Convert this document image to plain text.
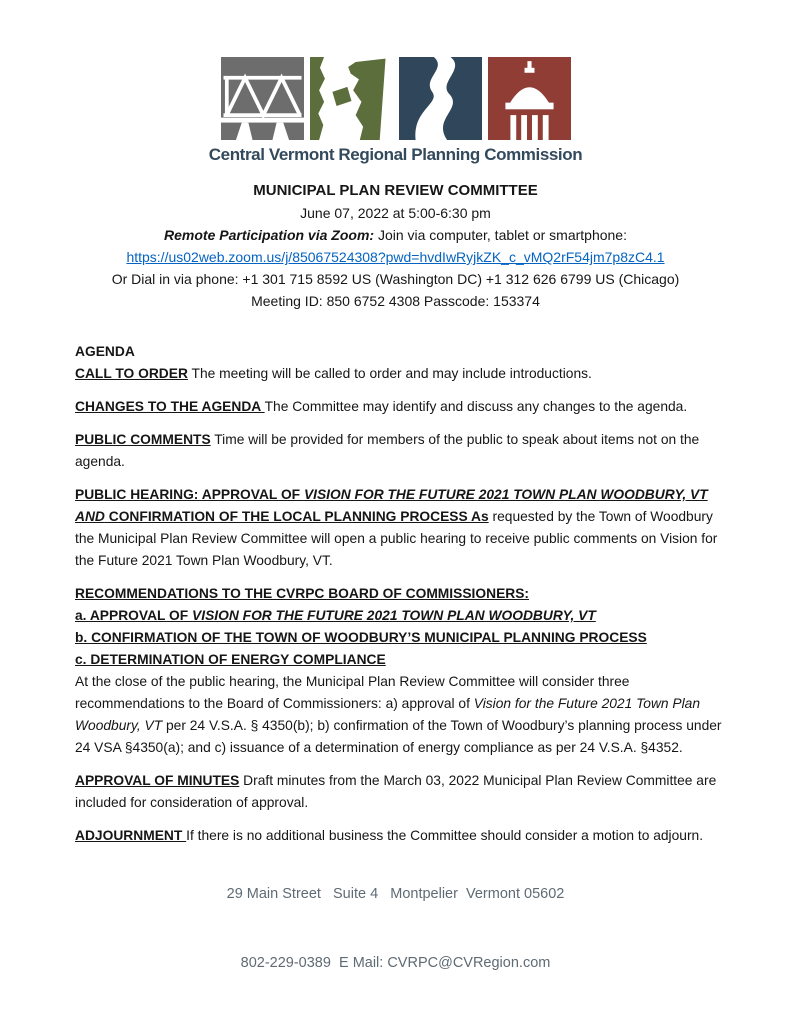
Central Vermont Regional Planning Commission
MUNICIPAL PLAN REVIEW COMMITTEE
June 07, 2022 at 5:00-6:30 pm
Remote Participation via Zoom: Join via computer, tablet or smartphone:
https://us02web.zoom.us/j/85067524308?pwd=hvdIwRyjkZK_c_vMQ2rF54jm7p8zC4.1
Or Dial in via phone: +1 301 715 8592 US (Washington DC) +1 312 626 6799 US (Chicago)
Meeting ID: 850 6752 4308 Passcode: 153374

AGENDA

CALL TO ORDER The meeting will be called to order and may include introductions.

CHANGES TO THE AGENDA The Committee may identify and discuss any changes to the agenda.

PUBLIC COMMENTS Time will be provided for members of the public to speak about items not on the agenda.

PUBLIC HEARING: APPROVAL OF VISION FOR THE FUTURE 2021 TOWN PLAN WOODBURY, VT AND CONFIRMATION OF THE LOCAL PLANNING PROCESS As requested by the Town of Woodbury the Municipal Plan Review Committee will open a public hearing to receive public comments on Vision for the Future 2021 Town Plan Woodbury, VT.

RECOMMENDATIONS TO THE CVRPC BOARD OF COMMISSIONERS:
a. APPROVAL OF VISION FOR THE FUTURE 2021 TOWN PLAN WOODBURY, VT
b. CONFIRMATION OF THE TOWN OF WOODBURY’S MUNICIPAL PLANNING PROCESS
c. DETERMINATION OF ENERGY COMPLIANCE
At the close of the public hearing, the Municipal Plan Review Committee will consider three recommendations to the Board of Commissioners: a) approval of Vision for the Future 2021 Town Plan Woodbury, VT per 24 V.S.A. § 4350(b); b) confirmation of the Town of Woodbury’s planning process under 24 VSA §4350(a); and c) issuance of a determination of energy compliance as per 24 V.S.A. §4352.

APPROVAL OF MINUTES Draft minutes from the March 03, 2022 Municipal Plan Review Committee are included for consideration of approval.

ADJOURNMENT If there is no additional business the Committee should consider a motion to adjourn.

29 Main Street   Suite 4   Montpelier  Vermont 05602

802-229-0389  E Mail: CVRPC@CVRegion.com
